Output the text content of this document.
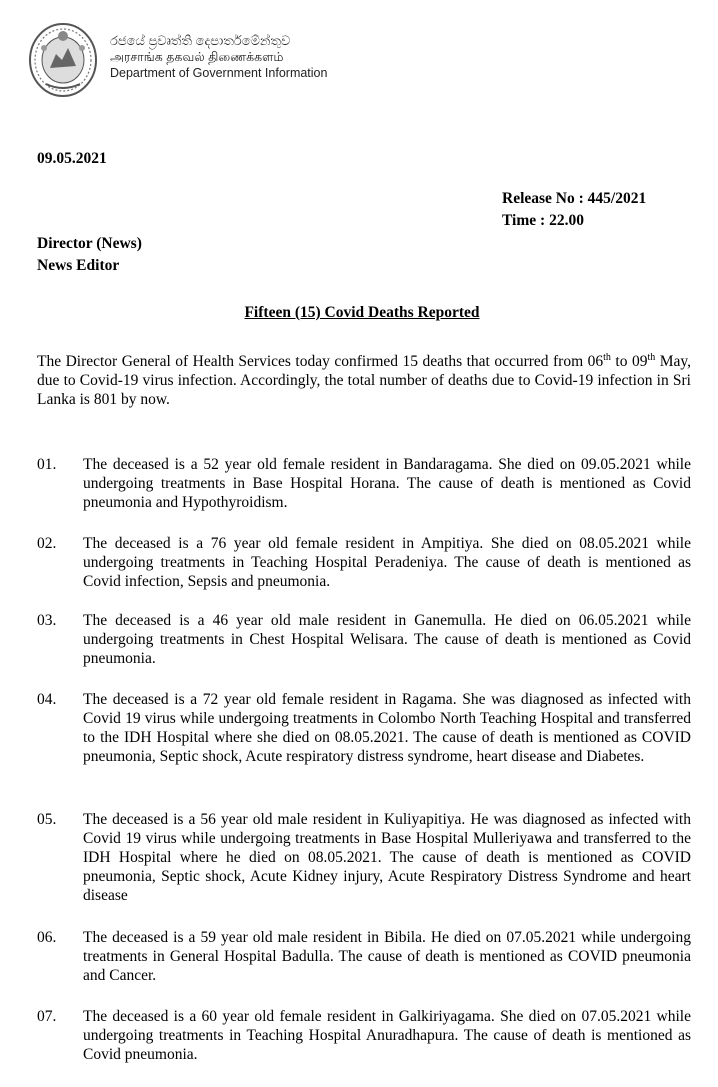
රජයේ ප්‍රවෘත්ති දෙපාර්තමේන්තුව
அரசாங்க தகவல் திணைக்களம்
Department of Government Information
09.05.2021
Release No : 445/2021
Time : 22.00
Director (News)
News Editor
Fifteen (15) Covid Deaths Reported
The Director General of Health Services today confirmed 15 deaths that occurred from 06th to 09th May, due to Covid-19 virus infection. Accordingly, the total number of deaths due to Covid-19 infection in Sri Lanka is 801 by now.
01.	The deceased is a 52 year old female resident in Bandaragama. She died on 09.05.2021 while undergoing treatments in Base Hospital Horana. The cause of death is mentioned as Covid pneumonia and Hypothyroidism.
02.	The deceased is a 76 year old female resident in Ampitiya. She died on 08.05.2021 while undergoing treatments in Teaching Hospital Peradeniya. The cause of death is mentioned as Covid infection, Sepsis and pneumonia.
03.	The deceased is a 46 year old male resident in Ganemulla. He died on 06.05.2021 while undergoing treatments in Chest Hospital Welisara. The cause of death is mentioned as Covid pneumonia.
04.	The deceased is a 72 year old female resident in Ragama. She was diagnosed as infected with Covid 19 virus while undergoing treatments in Colombo North Teaching Hospital and transferred to the IDH Hospital where she died on 08.05.2021. The cause of death is mentioned as COVID pneumonia, Septic shock, Acute respiratory distress syndrome, heart disease and Diabetes.
05.	The deceased is a 56 year old male resident in Kuliyapitiya. He was diagnosed as infected with Covid 19 virus while undergoing treatments in Base Hospital Mulleriyawa and transferred to the IDH Hospital where he died on 08.05.2021. The cause of death is mentioned as COVID pneumonia, Septic shock, Acute Kidney injury, Acute Respiratory Distress Syndrome and heart disease
06.	The deceased is a 59 year old male resident in Bibila. He died on 07.05.2021 while undergoing treatments in General Hospital Badulla. The cause of death is mentioned as COVID pneumonia and Cancer.
07.	The deceased is a 60 year old female resident in Galkiriyagama. She died on 07.05.2021 while undergoing treatments in Teaching Hospital Anuradhapura. The cause of death is mentioned as Covid pneumonia.
